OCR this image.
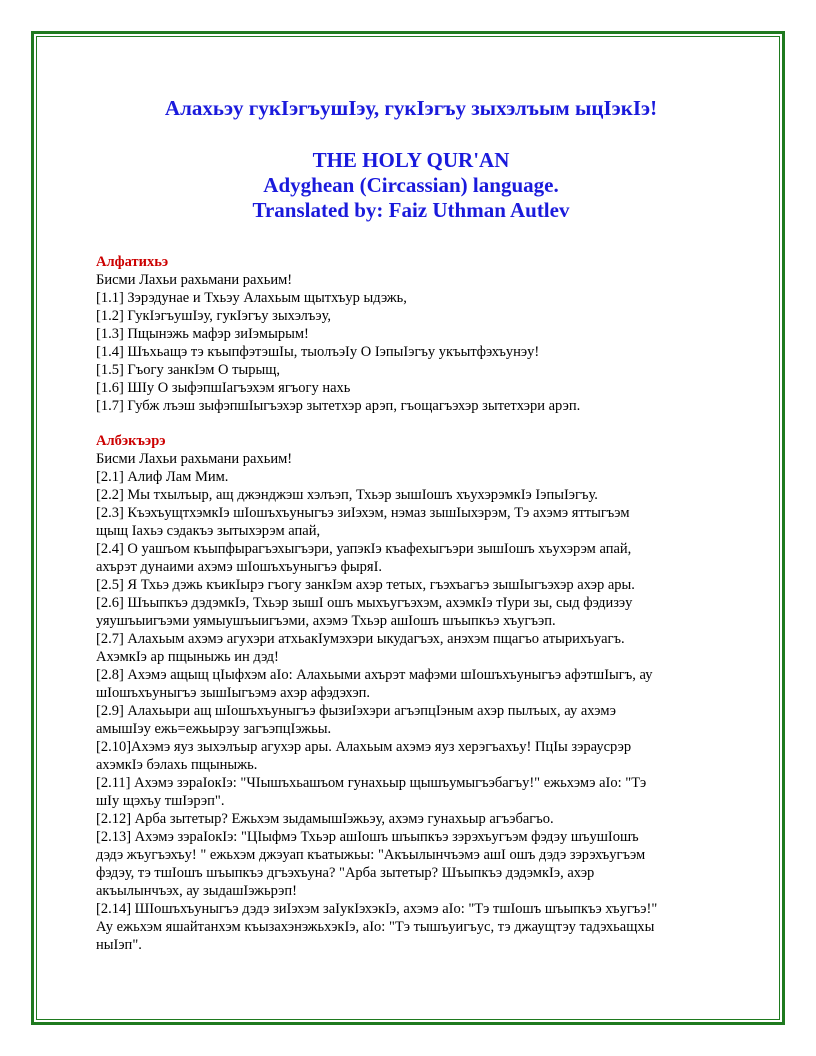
Алахьэу гукIэгъушIэу, гукIэгъу зыхэлъым ыцIэкIэ!
THE HOLY QUR'AN
Adyghean (Circassian) language.
Translated by: Faiz Uthman Autlev
Алфатихьэ
Бисми Лахьи рахьмани рахьим!
[1.1] Зэрэдунае и Тхьэу Алахьым щытхъур ыдэжь,
[1.2] ГукIэгъушIэу, гукIэгъу зыхэлъэу,
[1.3] Пщынэжь мафэр зиIэмырым!
[1.4] Шъхьащэ тэ къыпфэтэшIы, тыолъэIу О IэпыIэгъу укъытфэхъунэу!
[1.5] Гъогу занкIэм О тырыщ,
[1.6] ШIу О зыфэпшIагъэхэм ягъогу нахь
[1.7] Губж лъэш зыфэпшIыгъэхэр зытетхэр арэп, гъощагъэхэр зытетхэри арэп.
Албэкъэрэ
Бисми Лахьи рахьмани рахьим!
[2.1] Алиф Лам Мим.
[2.2] Мы тхылъыр, ащ джэнджэш хэлъэп, Тхьэр зышIошъ хъухэрэмкIэ IэпыIэгъу.
[2.3] КъэхъущтхэмкIэ шIошъхъуныгъэ зиIэхэм, нэмаз зышIыхэрэм, Тэ ахэмэ яттыгъэм
щыщ Iахьэ сэдакъэ зытыхэрэм апай,
[2.4] О уашъом къыпфырагъэхыгъэри, уапэкIэ къафехыгъэри зышIошъ хъухэрэм апай,
ахърэт дунаими ахэмэ шIошъхъуныгъэ фыряI.
[2.5] Я Тхьэ дэжь къикIырэ гъогу занкIэм ахэр тетых, гъэхъагъэ зышIыгъэхэр ахэр ары.
[2.6] Шъыпкъэ дэдэмкIэ, Тхьэр зышI ошъ мыхъугъэхэм, ахэмкIэ тIури зы, сыд фэдизэу
уяушъыигъэми уямыушъыигъэми, ахэмэ Тхьэр ашIошъ шъыпкъэ хъугъэп.
[2.7] Алахьым ахэмэ агухэри атхьакIумэхэри ыкудагъэх, анэхэм пщагъо атырихъуагъ.
АхэмкIэ ар пщыныжь ин дэд!
[2.8] Ахэмэ ащыщ цIыфхэм аIо: Алахьыми ахърэт мафэми шIошъхъуныгъэ афэтшIыгъ, ау
шIошъхъуныгъэ зышIыгъэмэ ахэр афэдэхэп.
[2.9] Алахьыри ащ шIошъхъуныгъэ фызиIэхэри агъэпцIэным ахэр пылъых, ау ахэмэ
амышIэу ежь=ежьырэу загъэпцIэжьы.
[2.10]Ахэмэ яуз зыхэлъыр агухэр ары. Алахьым ахэмэ яуз херэгъахъу! ПцIы зэраусрэр
ахэмкIэ бэлахь пщыныжь.
[2.11] Ахэмэ зэраIокIэ: "ЧIышъхьашъом гунахьыр щышъумыгъэбагъу!" ежьхэмэ аIо: "Тэ
шIу щэхъу тшIэрэп".
[2.12] Арба зытетыр? Ежьхэм зыдамышIэжьэу, ахэмэ гунахьыр агъэбагъо.
[2.13] Ахэмэ зэраIокIэ: "ЦIыфмэ Тхьэр ашIошъ шъыпкъэ зэрэхъугъэм фэдэу шъушIошъ
дэдэ жъугъэхъу! " ежьхэм джэуап къатыжьы: "Акъылынчъэмэ ашI ошъ дэдэ зэрэхъугъэм
фэдэу, тэ тшIошъ шъыпкъэ дгъэхъуна? "Арба зытетыр? Шъыпкъэ дэдэмкIэ, ахэр
акъылынчъэх, ау зыдашIэжьрэп!
[2.14] ШIошъхъуныгъэ дэдэ зиIэхэм заIукIэхэкIэ, ахэмэ аIо: "Тэ тшIошъ шъыпкъэ хъугъэ!"
Ау ежьхэм яшайтанхэм къызахэнэжьхэкIэ, аIо: "Тэ тышъуигъус, тэ джаущтэу тадэхьащхы
ныIэп".
